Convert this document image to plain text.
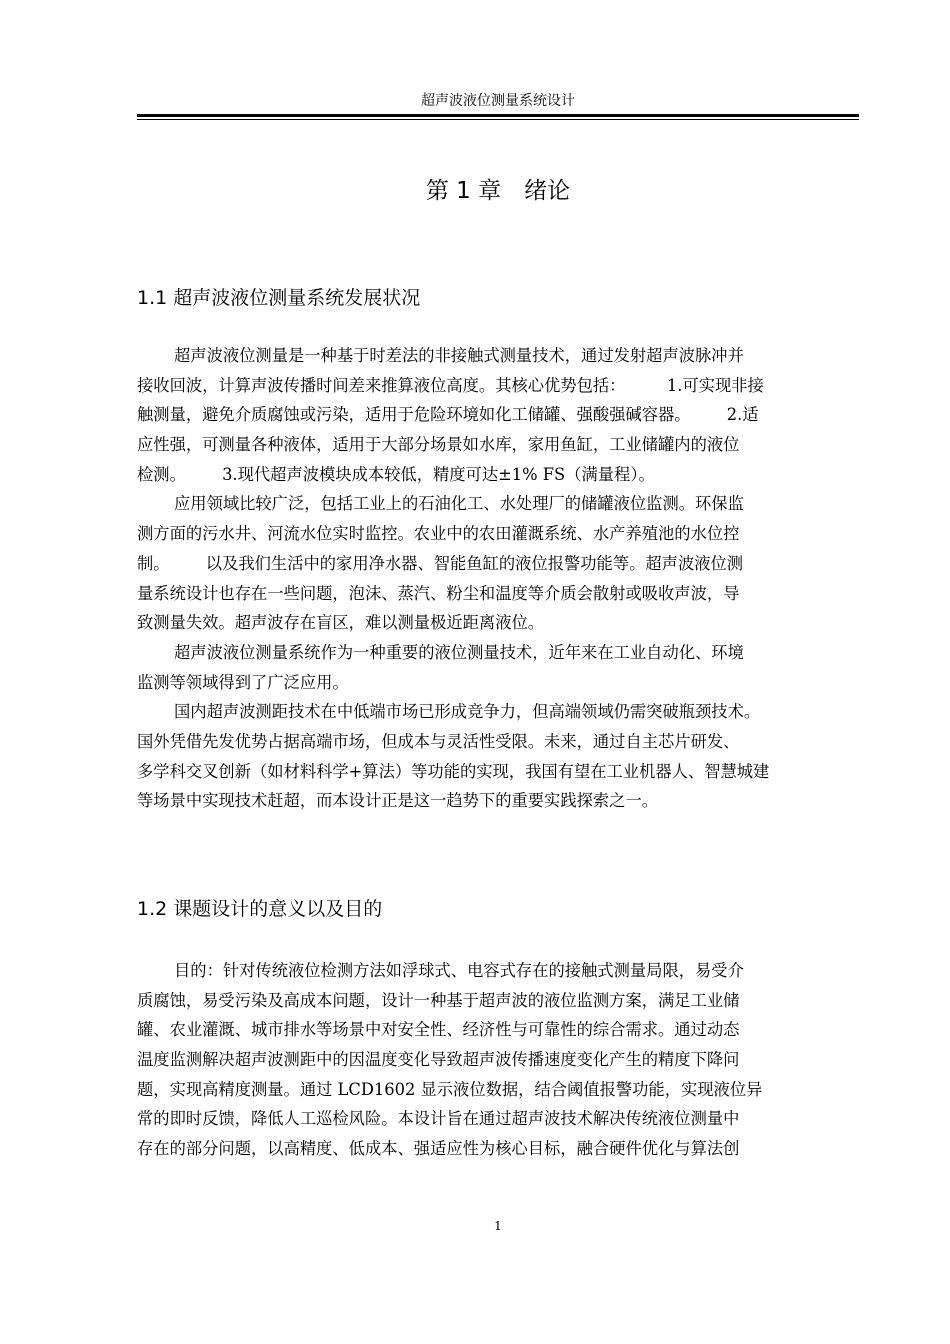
超声波液位测量系统设计
第 1 章　绪论
1.1 超声波液位测量系统发展状况
超声波液位测量是一种基于时差法的非接触式测量技术，通过发射超声波脉冲并
接收回波，计算声波传播时间差来推算液位高度。其核心优势包括：        1.可实现非接
触测量，避免介质腐蚀或污染，适用于危险环境如化工储罐、强酸强碱容器。       2.适
应性强，可测量各种液体，适用于大部分场景如水库，家用鱼缸，工业储罐内的液位
检测。       3.现代超声波模块成本较低，精度可达±1% FS（满量程）。
应用领域比较广泛，包括工业上的石油化工、水处理厂的储罐液位监测。环保监
测方面的污水井、河流水位实时监控。农业中的农田灌溉系统、水产养殖池的水位控
制。       以及我们生活中的家用净水器、智能鱼缸的液位报警功能等。超声波液位测
量系统设计也存在一些问题，泡沫、蒸汽、粉尘和温度等介质会散射或吸收声波，导
致测量失效。超声波存在盲区，难以测量极近距离液位。
超声波液位测量系统作为一种重要的液位测量技术，近年来在工业自动化、环境
监测等领域得到了广泛应用。
国内超声波测距技术在中低端市场已形成竞争力，但高端领域仍需突破瓶颈技术。
国外凭借先发优势占据高端市场，但成本与灵活性受限。未来，通过自主芯片研发、
多学科交叉创新（如材料科学+算法）等功能的实现，我国有望在工业机器人、智慧城建
等场景中实现技术赶超，而本设计正是这一趋势下的重要实践探索之一。
1.2 课题设计的意义以及目的
目的：针对传统液位检测方法如浮球式、电容式存在的接触式测量局限，易受介
质腐蚀，易受污染及高成本问题，设计一种基于超声波的液位监测方案，满足工业储
罐、农业灌溉、城市排水等场景中对安全性、经济性与可靠性的综合需求。通过动态
温度监测解决超声波测距中的因温度变化导致超声波传播速度变化产生的精度下降问
题，实现高精度测量。通过 LCD1602 显示液位数据，结合阈值报警功能，实现液位异
常的即时反馈，降低人工巡检风险。本设计旨在通过超声波技术解决传统液位测量中
存在的部分问题，以高精度、低成本、强适应性为核心目标，融合硬件优化与算法创
1
